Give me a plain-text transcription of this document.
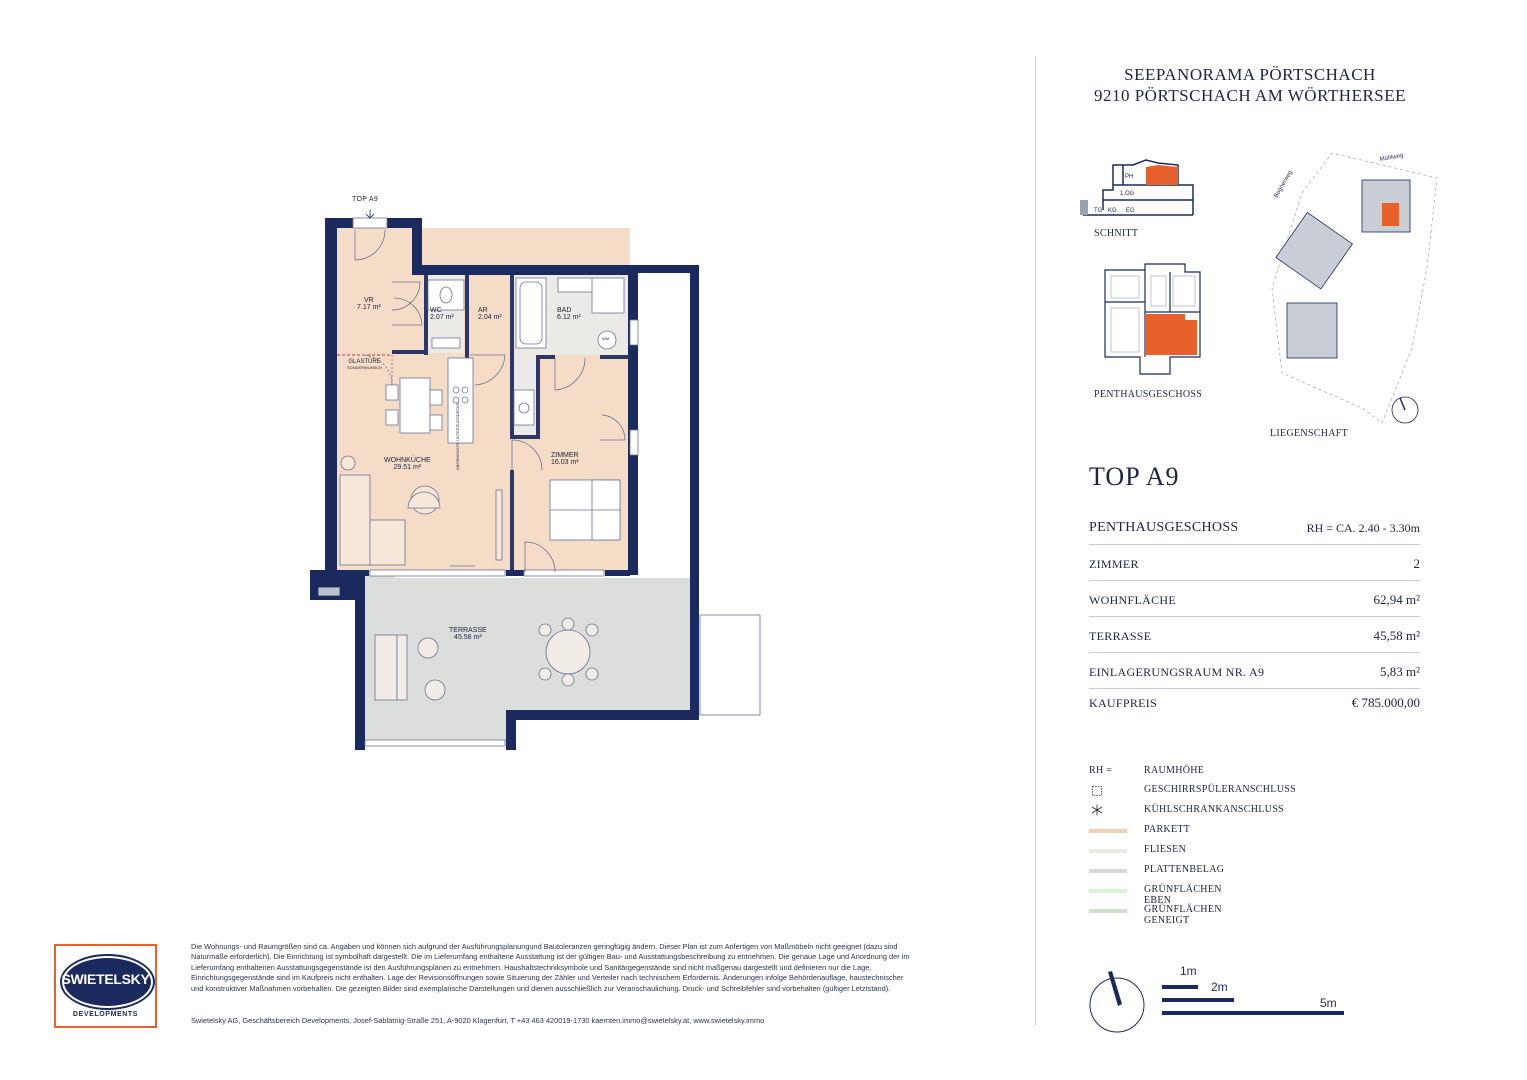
SEEPANORAMA PÖRTSCHACH
9210 PÖRTSCHACH AM WÖRTHERSEE
TOP A9
VR
7.17 m²	WC
2.07 m²
AR
2.04 m²
BAD
6.12 m²
GLASTÜRE
SONDERWUNSCH
WOHNKÜCHE
29.51 m²
ZIMMER
16.03 m²
TERRASSE
45.58 m²
ABGEHÄNGTE UNTERZUGSDECKE
WM
PH
1.OG
TG KG EG
SCHNITT
PENTHAUSGESCHOSS
Bognerweg
Mühlweg
LIEGENSCHAFT
TOP A9
PENTHAUSGESCHOSS	RH = CA. 2.40 - 3.30m
ZIMMER	2
WOHNFLÄCHE	62,94 m²
TERRASSE	45,58 m²
EINLAGERUNGSRAUM NR. A9	5,83 m²
KAUFPREIS	€ 785.000,00
RH =	RAUMHÖHE
GESCHIRRSPÜLERANSCHLUSS
KÜHLSCHRANKANSCHLUSS
PARKETT
FLIESEN
PLATTENBELAG
GRÜNFLÄCHEN EBEN
GRÜNFLÄCHEN GENEIGT
1m
2m
5m
SWIETELSKY
DEVELOPMENTS
Die Wohnungs- und Raumgrößen sind ca. Angaben und können sich aufgrund der Ausführungsplanungund Bautoleranzen geringfügig ändern. Dieser Plan ist zum Anfertigen von Maßmöbeln nicht geeignet (dazu sind Naturmaße erforderlich). Die Einrichtung ist symbolhaft dargestellt. Die im Lieferumfang enthaltene Ausstattung ist der gültigen Bau- und Ausstattungsbeschreibung zu entnehmen. Die genaue Lage und Anordnung der im Lieferumfang enthaltenen Ausstattungsgegenstände ist den Ausführungsplänen zu entnehmen. Haushaltstechniksymbole und Sanitärgegenstände sind nicht maßgenau dargestellt und definieren nur die Lage. Einrichtungsgegenstände sind im Kaufpreis nicht enthalten. Lage der Revisionsöffnungen sowie Situierung der Zähler und Verteiler nach technischem Erfordernis. Änderungen infolge Behördenauflage, haustechnischer und konstruktiver Maßnahmen vorbehalten. Die gezeigten Bilder sind exemplarische Darstellungen und dienen ausschließlich zur Veranschaulichung. Druck- und Schreibfehler sind vorbehalten (gültiger Letztstand).
Swietelsky AG, Geschäftsbereich Developments, Josef-Sablatnig-Straße 251, A-9020 Klagenfurt, T +43 463 420019-1730 kaernten.immo@swietelsky.at, www.swietelsky.immo
